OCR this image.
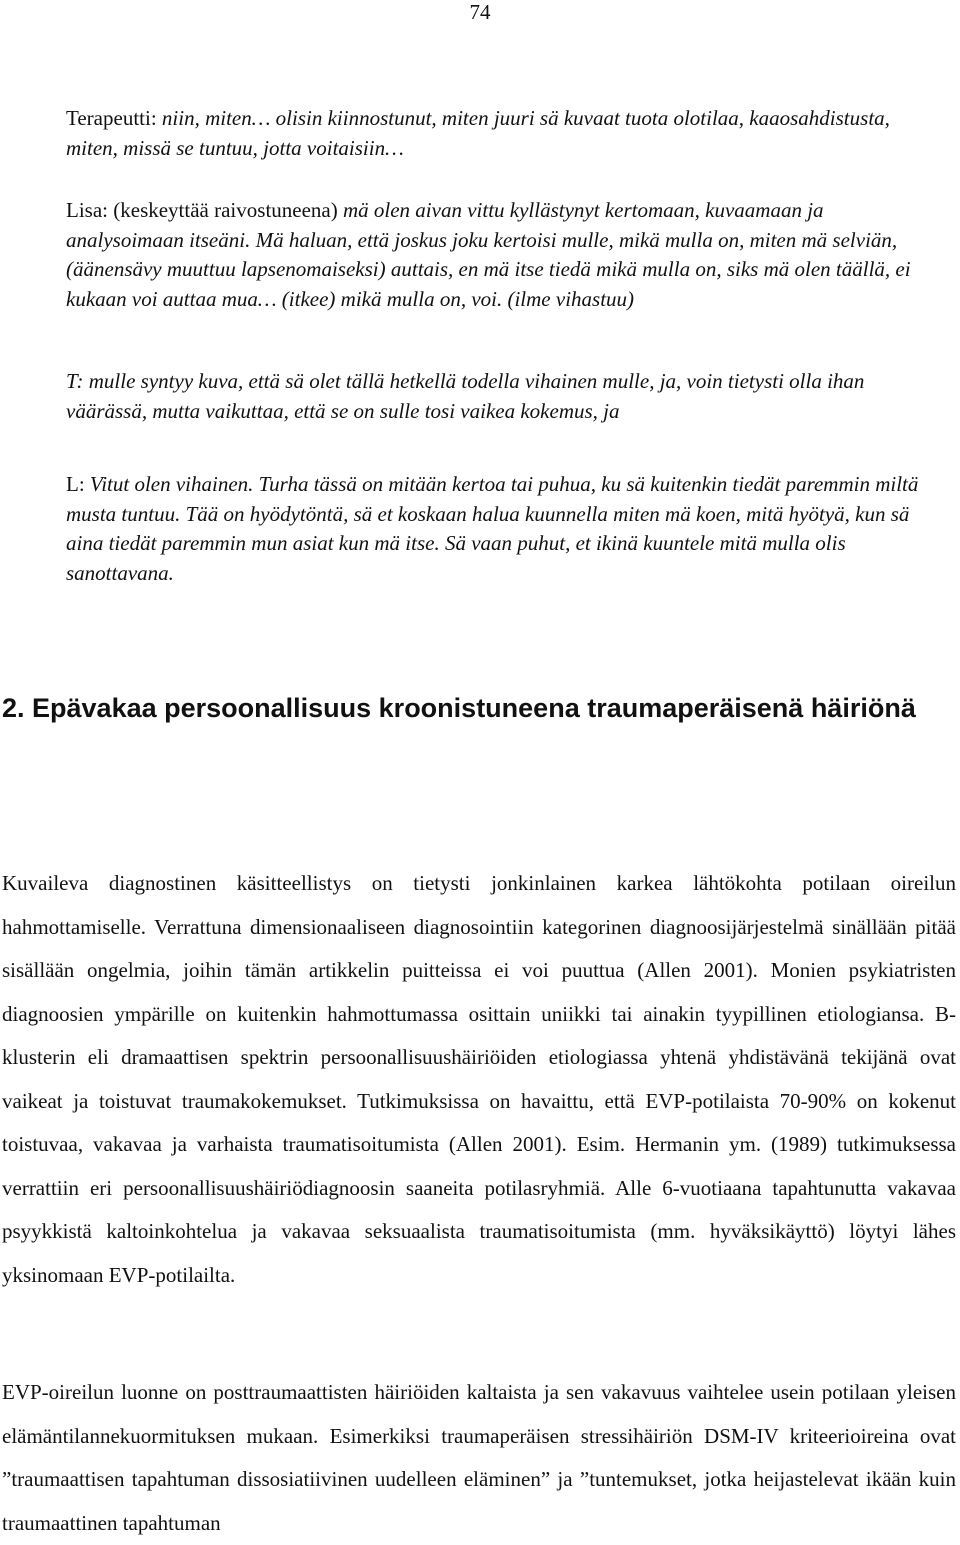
74

Terapeutti: niin, miten… olisin kiinnostunut, miten juuri sä kuvaat tuota olotilaa, kaaosahdistusta, miten, missä se tuntuu, jotta voitaisiin…

Lisa: (keskeyttää raivostuneena) mä olen aivan vittu kyllästynyt kertomaan, kuvaamaan ja analysoimaan itseäni. Mä haluan, että joskus joku kertoisi mulle, mikä mulla on, miten mä selviän, (äänensävy muuttuu lapsenomaiseksi) auttais, en mä itse tiedä mikä mulla on, siks mä olen täällä, ei kukaan voi auttaa mua… (itkee) mikä mulla on, voi. (ilme vihastuu)

T: mulle syntyy kuva, että sä olet tällä hetkellä todella vihainen mulle, ja, voin tietysti olla ihan väärässä, mutta vaikuttaa, että se on sulle tosi vaikea kokemus, ja

L: Vitut olen vihainen. Turha tässä on mitään kertoa tai puhua, ku sä kuitenkin tiedät paremmin miltä musta tuntuu. Tää on hyödytöntä, sä et koskaan halua kuunnella miten mä koen, mitä hyötyä, kun sä aina tiedät paremmin mun asiat kun mä itse. Sä vaan puhut, et ikinä kuuntele mitä mulla olis sanottavana.

2. Epävakaa persoonallisuus kroonistuneena traumaperäisenä häiriönä

Kuvaileva diagnostinen käsitteellistys on tietysti jonkinlainen karkea lähtökohta potilaan oireilun hahmottamiselle. Verrattuna dimensionaaliseen diagnosointiin kategorinen diagnoosijärjestelmä sinällään pitää sisällään ongelmia, joihin tämän artikkelin puitteissa ei voi puuttua (Allen 2001). Monien psykiatristen diagnoosien ympärille on kuitenkin hahmottumassa osittain uniikki tai ainakin tyypillinen etiologiansa. B-klusterin eli dramaattisen spektrin persoonallisuushäiriöiden etiologiassa yhtenä yhdistävänä tekijänä ovat vaikeat ja toistuvat traumakokemukset. Tutkimuksissa on havaittu, että EVP-potilaista 70-90% on kokenut toistuvaa, vakavaa ja varhaista traumatisoitumista (Allen 2001). Esim. Hermanin ym. (1989) tutkimuksessa verrattiin eri persoonallisuushäiriödiagnoosin saaneita potilasryhmiä. Alle 6-vuotiaana tapahtunutta vakavaa psyykkistä kaltoinkohtelua ja vakavaa seksuaalista traumatisoitumista (mm. hyväksikäyttö) löytyi lähes yksinomaan EVP-potilailta.

EVP-oireilun luonne on posttraumaattisten häiriöiden kaltaista ja sen vakavuus vaihtelee usein potilaan yleisen elämäntilannekuormituksen mukaan. Esimerkiksi traumaperäisen stressihäiriön DSM-IV kriteerioireina ovat ”traumaattisen tapahtuman dissosiatiivinen uudelleen eläminen” ja ”tuntemukset, jotka heijastelevat ikään kuin traumaattinen tapahtuman
